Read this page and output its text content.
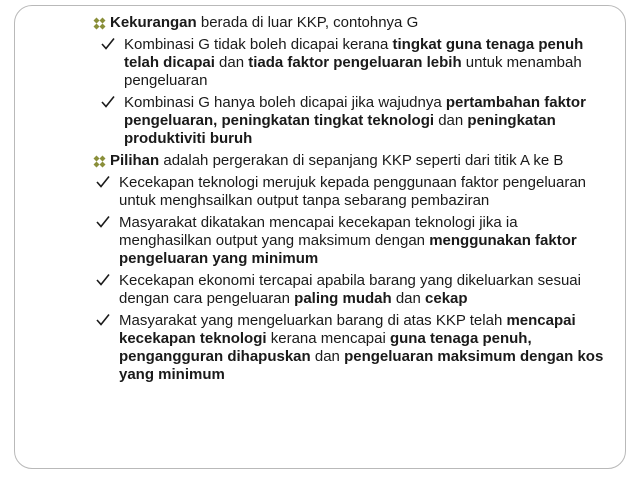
Kekurangan berada di luar KKP, contohnya G
Kombinasi G tidak boleh dicapai kerana tingkat guna tenaga penuh telah dicapai dan tiada faktor pengeluaran lebih untuk menambah pengeluaran
Kombinasi G hanya boleh dicapai jika wajudnya pertambahan faktor pengeluaran, peningkatan tingkat teknologi dan peningkatan produktiviti buruh
Pilihan adalah pergerakan di sepanjang KKP seperti dari titik A ke B
Kecekapan teknologi merujuk kepada penggunaan faktor pengeluaran untuk menghsailkan output tanpa sebarang pembaziran
Masyarakat dikatakan mencapai kecekapan teknologi jika ia menghasilkan output yang maksimum dengan menggunakan faktor pengeluaran yang minimum
Kecekapan ekonomi tercapai apabila barang yang dikeluarkan sesuai dengan cara pengeluaran paling mudah dan cekap
Masyarakat yang mengeluarkan barang di atas KKP telah mencapai kecekapan teknologi kerana mencapai guna tenaga penuh, pengangguran dihapuskan dan pengeluaran maksimum dengan kos yang minimum
